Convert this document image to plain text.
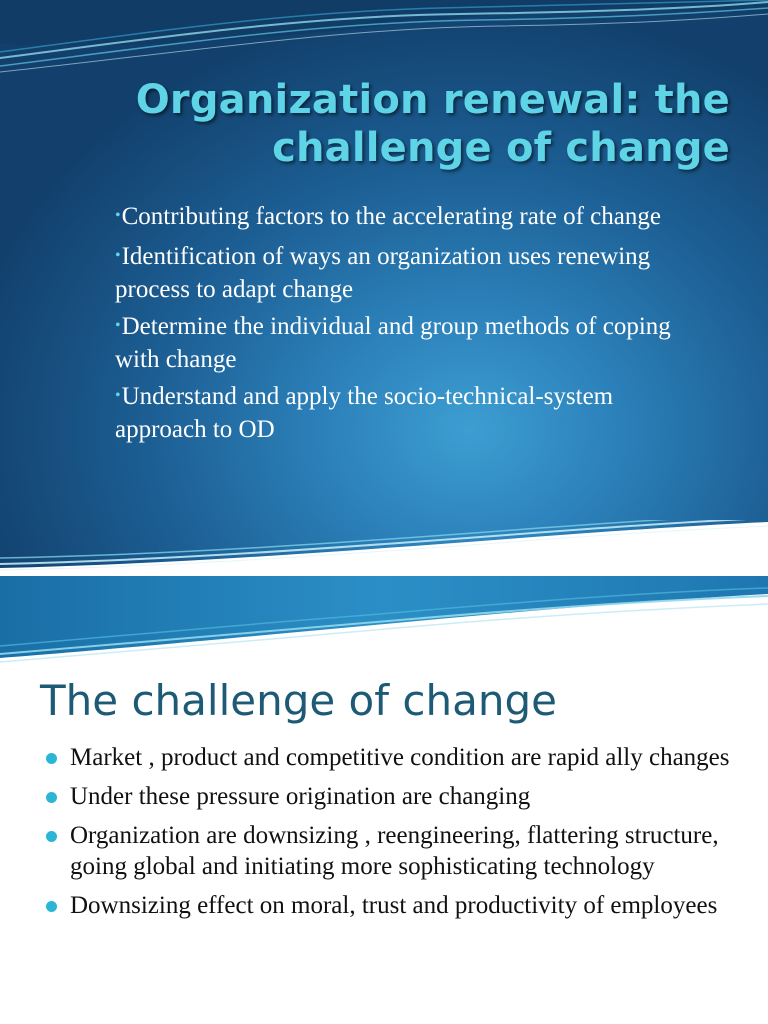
Organization renewal: the challenge of change
•Contributing factors to the accelerating rate of change
•Identification of ways an organization uses renewing process to adapt change
•Determine the individual and group methods of coping with change
•Understand and apply the socio-technical-system approach to OD
The challenge of change
Market , product and competitive condition are rapid ally changes
Under these pressure origination are changing
Organization are downsizing , reengineering, flattering structure, going global and initiating more sophisticating technology
Downsizing effect on moral, trust and productivity of employees
